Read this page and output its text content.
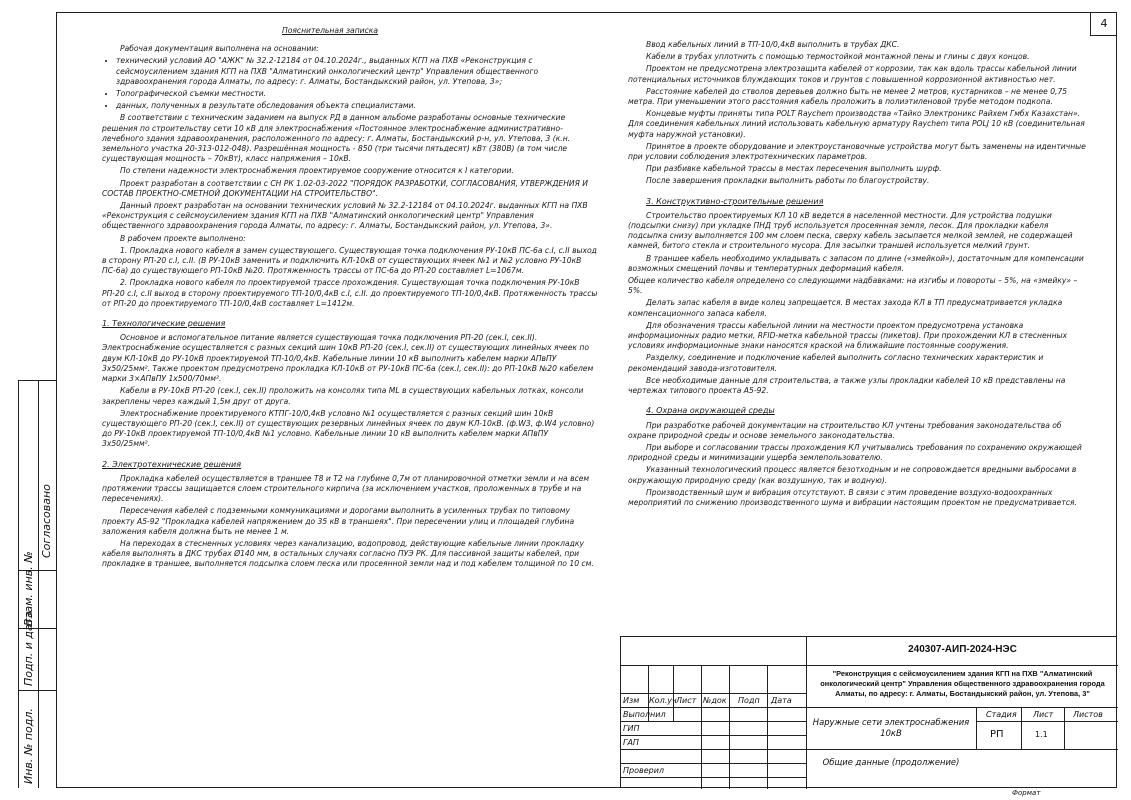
4
Согласовано
Взам. инв. №
Подп. и дата
Инв. № подл.

Пояснительная записка

Рабочая документация выполнена на основании:

• технический условий АО "АЖК" № 32.2-12184 от 04.10.2024г., выданных КГП на ПХВ «Реконструкция с сейсмоусилением здания КГП на ПХВ "Алматинский онкологический центр" Управления общественного здравоохранения города Алматы, по адресу: г. Алматы, Бостандыкский район, ул. Утепова, 3»;
• Топографической съемки местности.
• данных, полученных в результате обследования объекта специалистами.

В соответствии с техническим заданием на выпуск РД в данном альбоме разработаны основные технические решения по строительству сети 10 кВ для электроснабжения «Постоянное электроснабжение административно-лечебного здания здравоохранения, расположенного по адресу: г. Алматы, Бостандыкский р-н, ул. Утепова, 3 (к.н. земельного участка 20-313-012-048). Разрешённая мощность - 850 (три тысячи пятьдесят) кВт (380В) (в том числе существующая мощность – 70кВт), класс напряжения – 10кВ.

По степени надежности электроснабжения проектируемое сооружение относится к I категории.

Проект разработан в соответствии с СН РК 1.02-03-2022 "ПОРЯДОК РАЗРАБОТКИ, СОГЛАСОВАНИЯ, УТВЕРЖДЕНИЯ И СОСТАВ ПРОЕКТНО-СМЕТНОЙ ДОКУМЕНТАЦИИ НА СТРОИТЕЛЬСТВО".

Данный проект разработан на основании технических условий № 32.2-12184 от 04.10.2024г. выданных КГП на ПХВ «Реконструкция с сейсмоусилением здания КГП на ПХВ "Алматинский онкологический центр" Управления общественного здравоохранения города Алматы, по адресу: г. Алматы, Бостандыкский район, ул. Утепова, 3».

В рабочем проекте выполнено:

1. Прокладка нового кабеля в замен существующего. Существующая точка подключения РУ-10кВ ПС-6а с.I, с.II выход в сторону РП-20 с.I, с.II. (В РУ-10кВ заменить и подключить КЛ-10кВ от существующих ячеек №1 и №2 условно РУ-10кВ ПС-6а) до существующего РП-10кВ №20. Протяженность трассы от ПС-6а до РП-20 составляет L=1067м.

2. Прокладка нового кабеля по проектируемой трассе прохождения. Существующая точка подключения РУ-10кВ РП-20 с.I, с.II выход в сторону проектируемого ТП-10/0,4кВ с.I, с.II. до проектируемого ТП-10/0,4кВ. Протяженность трассы от РП-20 до проектируемого ТП-10/0,4кВ составляет L=1412м.

1. Технологические решения

Основное и вспомогательное питание является существующая точка подключения РП-20 (сек.I, сек.II). Электроснабжение осуществляется с разных секций шин 10кВ РП-20 (сек.I, сек.II) от существующих линейных ячеек по двум КЛ-10кВ до РУ-10кВ проектируемой ТП-10/0,4кВ. Кабельные линии 10 кВ выполнить кабелем марки АПвПУ 3х50/25мм². Также проектом предусмотрено прокладка КЛ-10кВ от РУ-10кВ ПС-6а (сек.I, сек.II): до РП-10кВ №20 кабелем марки 3×АПвПУ 1х500/70мм².

Кабели в РУ-10кВ РП-20 (сек.I, сек.II) проложить на консолях типа ML в существующих кабельных лотках, консоли закреплены через каждый 1,5м друг от друга.

Электроснабжение проектируемого КТПГ-10/0,4кВ условно №1 осуществляется с разных секций шин 10кВ существующего РП-20 (сек.I, сек.II) от существующих резервных линейных ячеек по двум КЛ-10кВ. (ф.W3, ф.W4 условно) до РУ-10кВ проектируемой ТП-10/0,4кВ №1 условно. Кабельные линии 10 кВ выполнить кабелем марки АПвПУ 3х50/25мм².

2. Электротехнические решения

Прокладка кабелей осуществляется в траншее Т8 и Т2 на глубине 0,7м от планировочной отметки земли и на всем протяжении трассы защищается слоем строительного кирпича (за исключением участков, проложенных в трубе и на пересечениях).

Пересечения кабелей с подземными коммуникациями и дорогами выполнить в усиленных трубах по типовому проекту А5-92 "Прокладка кабелей напряжением до 35 кВ в траншеях". При пересечении улиц и площадей глубина заложения кабеля должна быть не менее 1 м.

На переходах в стесненных условиях через канализацию, водопровод, действующие кабельные линии прокладку кабеля выполнять в ДКС трубах Ø140 мм, в остальных случаях согласно ПУЭ РК. Для пассивной защиты кабелей, при прокладке в траншее, выполняется подсыпка слоем песка или просеянной земли над и под кабелем толщиной по 10 см.

Ввод кабельных линий в ТП-10/0,4кВ выполнить в трубах ДКС.

Кабели в трубах уплотнить с помощью термостойкой монтажной пены и глины с двух концов.

Проектом не предусмотрена электрозащита кабелей от коррозии, так как вдоль трассы кабельной линии потенциальных источников блуждающих токов и грунтов с повышенной коррозионной активностью нет.

Расстояние кабелей до стволов деревьев должно быть не менее 2 метров, кустарников – не менее 0,75 метра. При уменьшении этого расстояния кабель проложить в полиэтиленовой трубе методом подкопа.

Концевые муфты приняты типа POLT Raychem производства «Тайко Электроникс Райхем Гмбх Казахстан». Для соединения кабельных линий использовать кабельную арматуру Raychem типа POLJ 10 кВ (соединительная муфта наружной установки).

Принятое в проекте оборудование и электроустановочные устройства могут быть заменены на идентичные при условии соблюдения электротехнических параметров.

При разбивке кабельной трассы в местах пересечения выполнить шурф.

После завершения прокладки выполнить работы по благоустройству.

3. Конструктивно-строительные решения

Строительство проектируемых КЛ 10 кВ ведется в населенной местности. Для устройства подушки (подсыпки снизу) при укладке ПНД труб используется просеянная земля, песок. Для прокладки кабеля подсыпка снизу выполняется 100 мм слоем песка, сверху кабель засыпается мелкой землей, не содержащей камней, битого стекла и строительного мусора. Для засыпки траншей используется мелкий грунт.

В траншее кабель необходимо укладывать с запасом по длине («змейкой»), достаточным для компенсации возможных смещений почвы и температурных деформаций кабеля.

Общее количество кабеля определено со следующими надбавками: на изгибы и повороты – 5%, на «змейку» – 5%.

Делать запас кабеля в виде колец запрещается. В местах захода КЛ в ТП предусматривается укладка компенсационного запаса кабеля.

Для обозначения трассы кабельной линии на местности проектом предусмотрена установка информационных радио метки, RFID-метка кабельной трассы (пикетов). При прохождении КЛ в стесненных условиях информационные знаки наносятся краской на ближайшие постоянные сооружения.

Разделку, соединение и подключение кабелей выполнить согласно технических характеристик и рекомендаций завода-изготовителя.

Все необходимые данные для строительства, а также узлы прокладки кабелей 10 кВ представлены на чертежах типового проекта А5-92.

4. Охрана окружающей среды

При разработке рабочей документации на строительство КЛ учтены требования законодательства об охране природной среды и основе земельного законодательства.

При выборе и согласовании трассы прохождения КЛ учитывались требования по сохранению окружающей природной среды и минимизации ущерба землепользователю.

Указанный технологический процесс является безотходным и не сопровождается вредными выбросами в окружающую природную среду (как воздушную, так и водную).

Производственный шум и вибрация отсутствуют. В связи с этим проведение воздухо-водоохранных мероприятий по снижению производственного шума и вибрации настоящим проектом не предусматривается.

240307-АИП-2024-НЭС
"Реконструкция с сейсмоусилением здания КГП на ПХВ "Алматинский онкологический центр" Управления общественного здравоохранения города Алматы, по адресу: г. Алматы, Бостандыкский район, ул. Утепова, 3"
Изм Кол.уч Лист №док Подп Дата
Выполнил
ГИП
ГАП
Проверил
Наружные сети электроснабжения 10кВ
Общие данные (продолжение)
Стадия Лист Листов
РП	1.1
Формат
